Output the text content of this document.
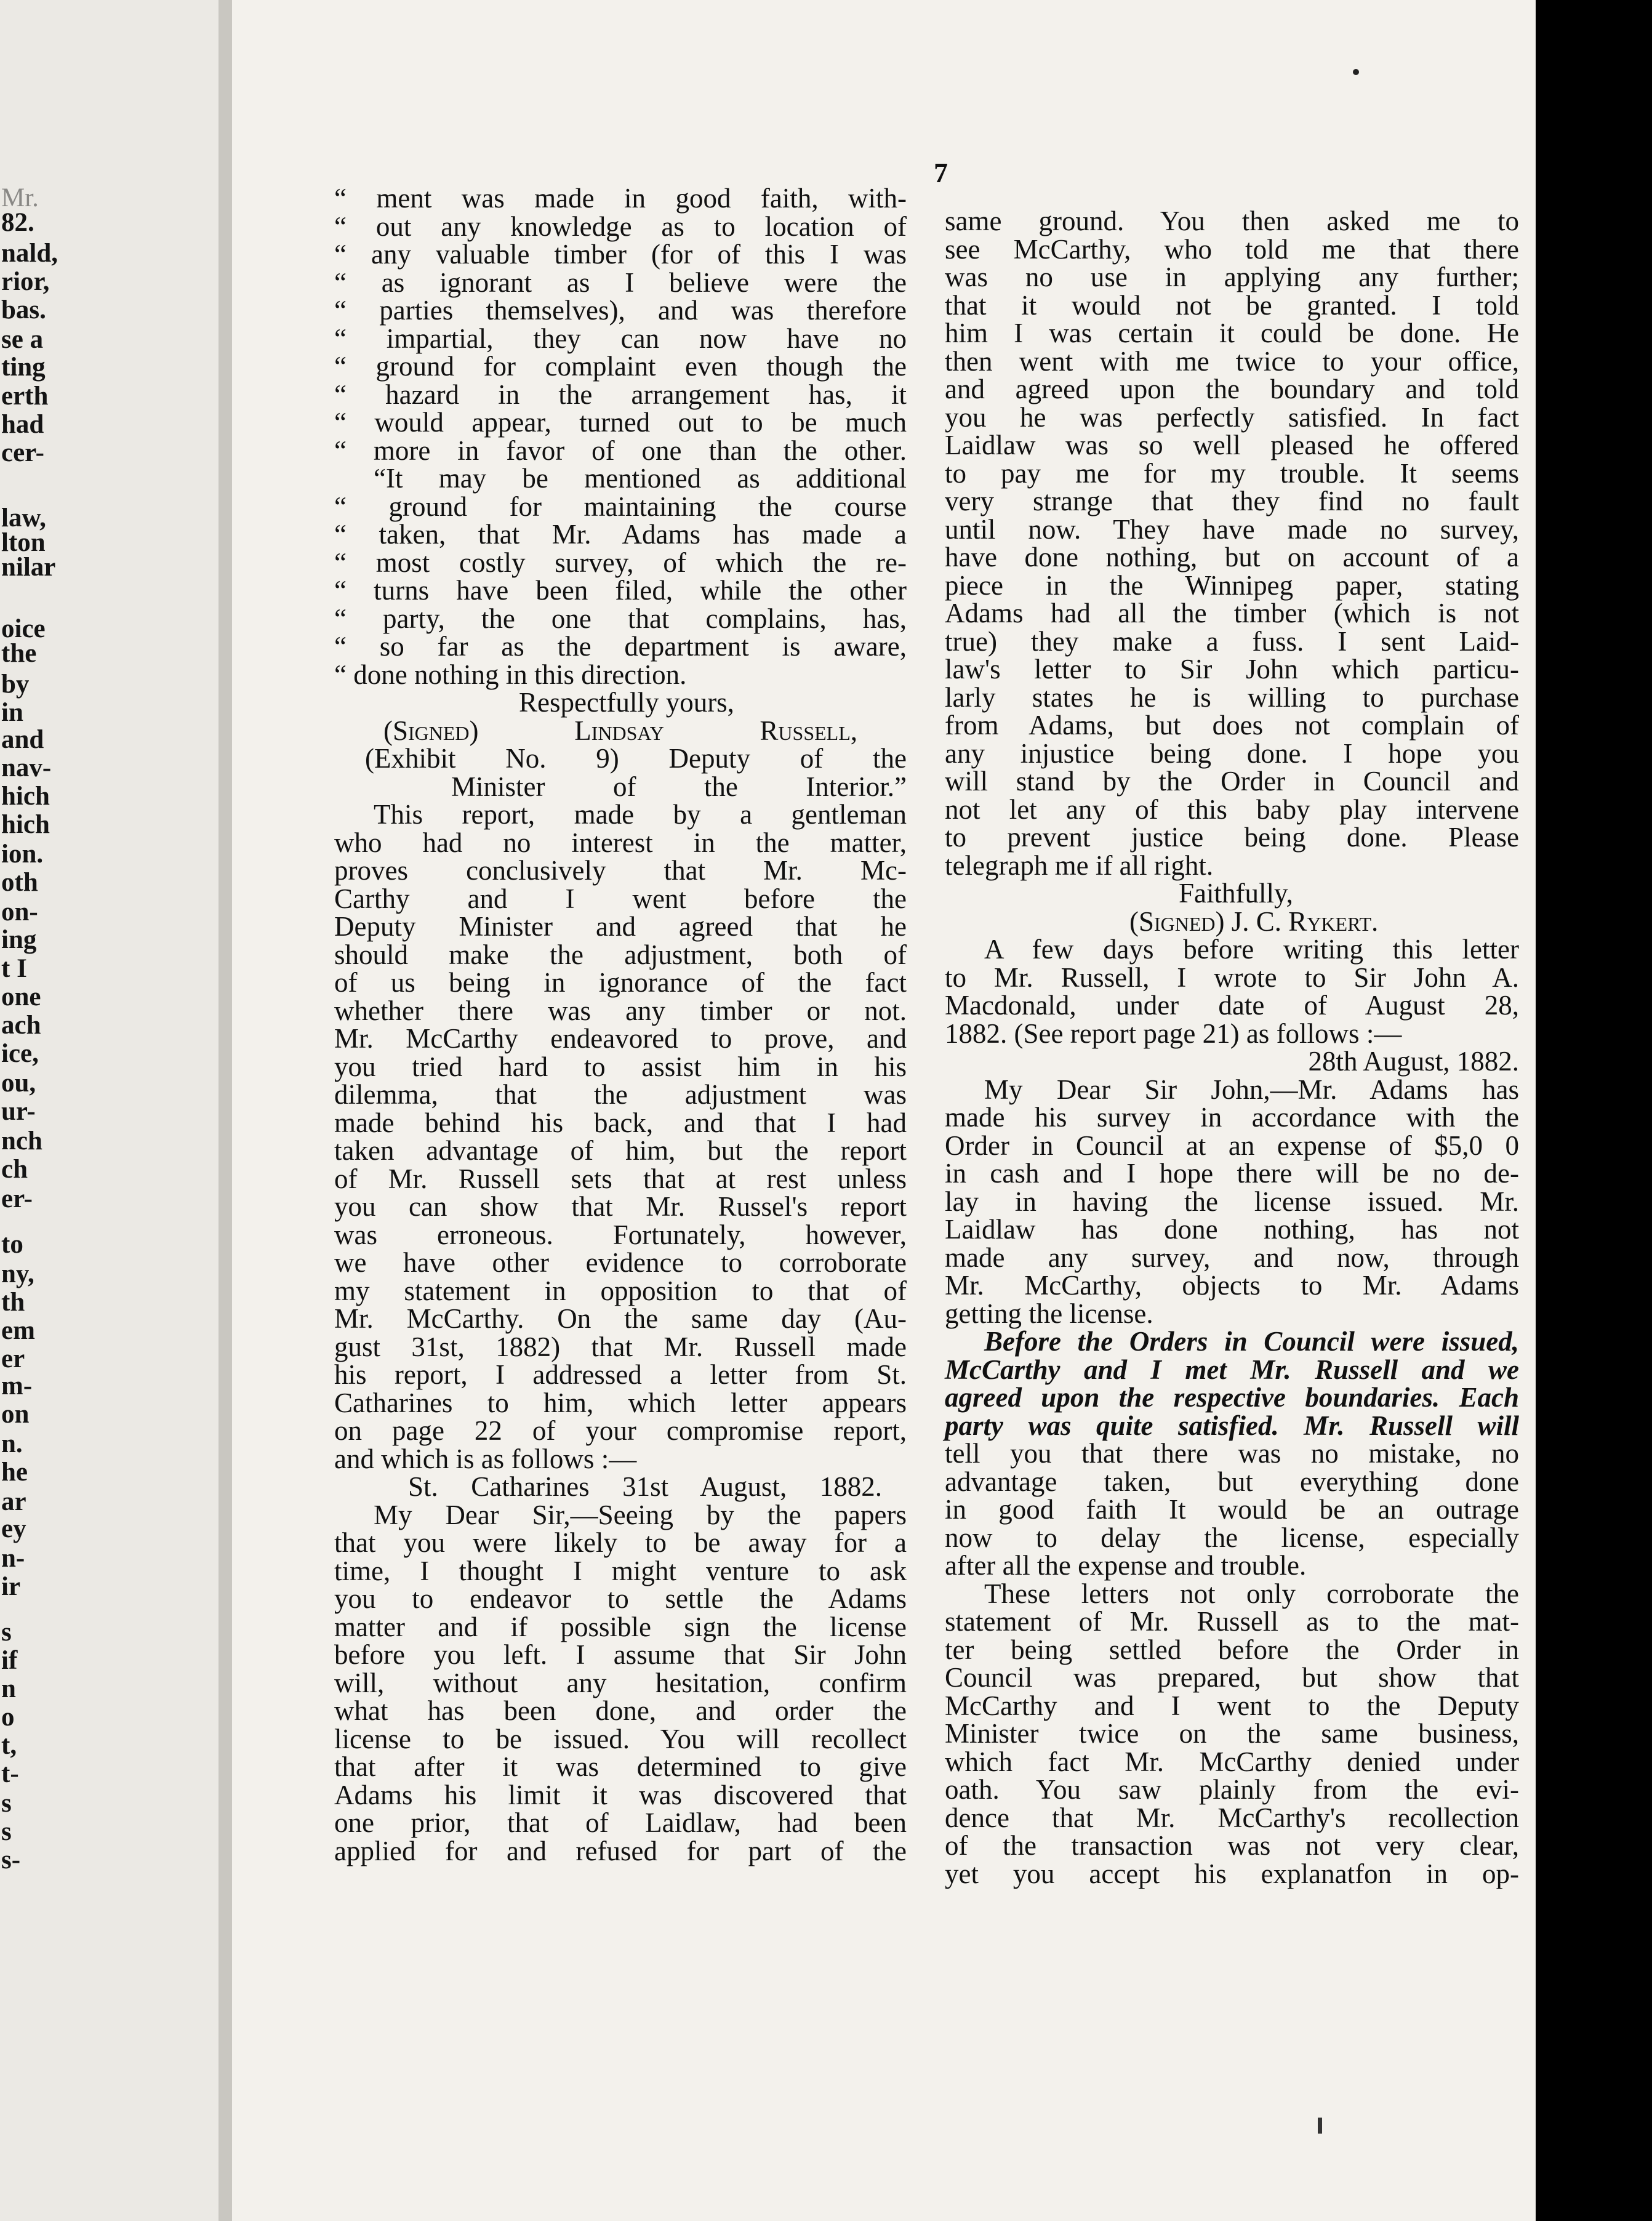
Mr.
82.
nald,
rior,
bas.
se a
ting
erth
had
cer-
law,
lton
nilar
oice
the
by
in
and
nav-
hich
hich
ion.
oth
on-
ing
t I
one
ach
ice,
ou,
ur-
nch
ch
er-
to
ny,
th
em
er
m-
on
n.
he
ar
ey
n-
ir
s
if
n
o
t,
t-
s
s
s-
7
“ ment was made in good faith, with-
“ out any knowledge as to location of
“ any valuable timber (for of this I was
“ as ignorant as I believe were the
“ parties themselves), and was therefore
“ impartial, they can now have no
“ ground for complaint even though the
“ hazard in the arrangement has, it
“ would appear, turned out to be much
“ more in favor of one than the other.
“It may be mentioned as additional
“ ground for maintaining the course
“ taken, that Mr. Adams has made a
“ most costly survey, of which the re-
“ turns have been filed, while the other
“ party, the one that complains, has,
“ so far as the department is aware,
“ done nothing in this direction.
Respectfully yours,
(Signed) Lindsay Russell,
(Exhibit No. 9) Deputy of the
Minister of the Interior.”
This report, made by a gentleman
who had no interest in the matter,
proves conclusively that Mr. Mc-
Carthy and I went before the
Deputy Minister and agreed that he
should make the adjustment, both of
of us being in ignorance of the fact
whether there was any timber or not.
Mr. McCarthy endeavored to prove, and
you tried hard to assist him in his
dilemma, that the adjustment was
made behind his back, and that I had
taken advantage of him, but the report
of Mr. Russell sets that at rest unless
you can show that Mr. Russel's report
was erroneous. Fortunately, however,
we have other evidence to corroborate
my statement in opposition to that of
Mr. McCarthy. On the same day (Au-
gust 31st, 1882) that Mr. Russell made
his report, I addressed a letter from St.
Catharines to him, which letter appears
on page 22 of your compromise report,
and which is as follows :—
St. Catharines 31st August, 1882.
My Dear Sir,—Seeing by the papers
that you were likely to be away for a
time, I thought I might venture to ask
you to endeavor to settle the Adams
matter and if possible sign the license
before you left. I assume that Sir John
will, without any hesitation, confirm
what has been done, and order the
license to be issued. You will recollect
that after it was determined to give
Adams his limit it was discovered that
one prior, that of Laidlaw, had been
applied for and refused for part of the
same ground. You then asked me to
see McCarthy, who told me that there
was no use in applying any further;
that it would not be granted. I told
him I was certain it could be done. He
then went with me twice to your office,
and agreed upon the boundary and told
you he was perfectly satisfied. In fact
Laidlaw was so well pleased he offered
to pay me for my trouble. It seems
very strange that they find no fault
until now. They have made no survey,
have done nothing, but on account of a
piece in the Winnipeg paper, stating
Adams had all the timber (which is not
true) they make a fuss. I sent Laid-
law's letter to Sir John which particu-
larly states he is willing to purchase
from Adams, but does not complain of
any injustice being done. I hope you
will stand by the Order in Council and
not let any of this baby play intervene
to prevent justice being done. Please
telegraph me if all right.
Faithfully,
(Signed) J. C. Rykert.
A few days before writing this letter
to Mr. Russell, I wrote to Sir John A.
Macdonald, under date of August 28,
1882. (See report page 21) as follows :—
28th August, 1882.
My Dear Sir John,—Mr. Adams has
made his survey in accordance with the
Order in Council at an expense of $5,0 0
in cash and I hope there will be no de-
lay in having the license issued. Mr.
Laidlaw has done nothing, has not
made any survey, and now, through
Mr. McCarthy, objects to Mr. Adams
getting the license.
Before the Orders in Council were issued,
McCarthy and I met Mr. Russell and we
agreed upon the respective boundaries. Each
party was quite satisfied. Mr. Russell will
tell you that there was no mistake, no
advantage taken, but everything done
in good faith It would be an outrage
now to delay the license, especially
after all the expense and trouble.
These letters not only corroborate the
statement of Mr. Russell as to the mat-
ter being settled before the Order in
Council was prepared, but show that
McCarthy and I went to the Deputy
Minister twice on the same business,
which fact Mr. McCarthy denied under
oath. You saw plainly from the evi-
dence that Mr. McCarthy's recollection
of the transaction was not very clear,
yet you accept his explanatfon in op-
